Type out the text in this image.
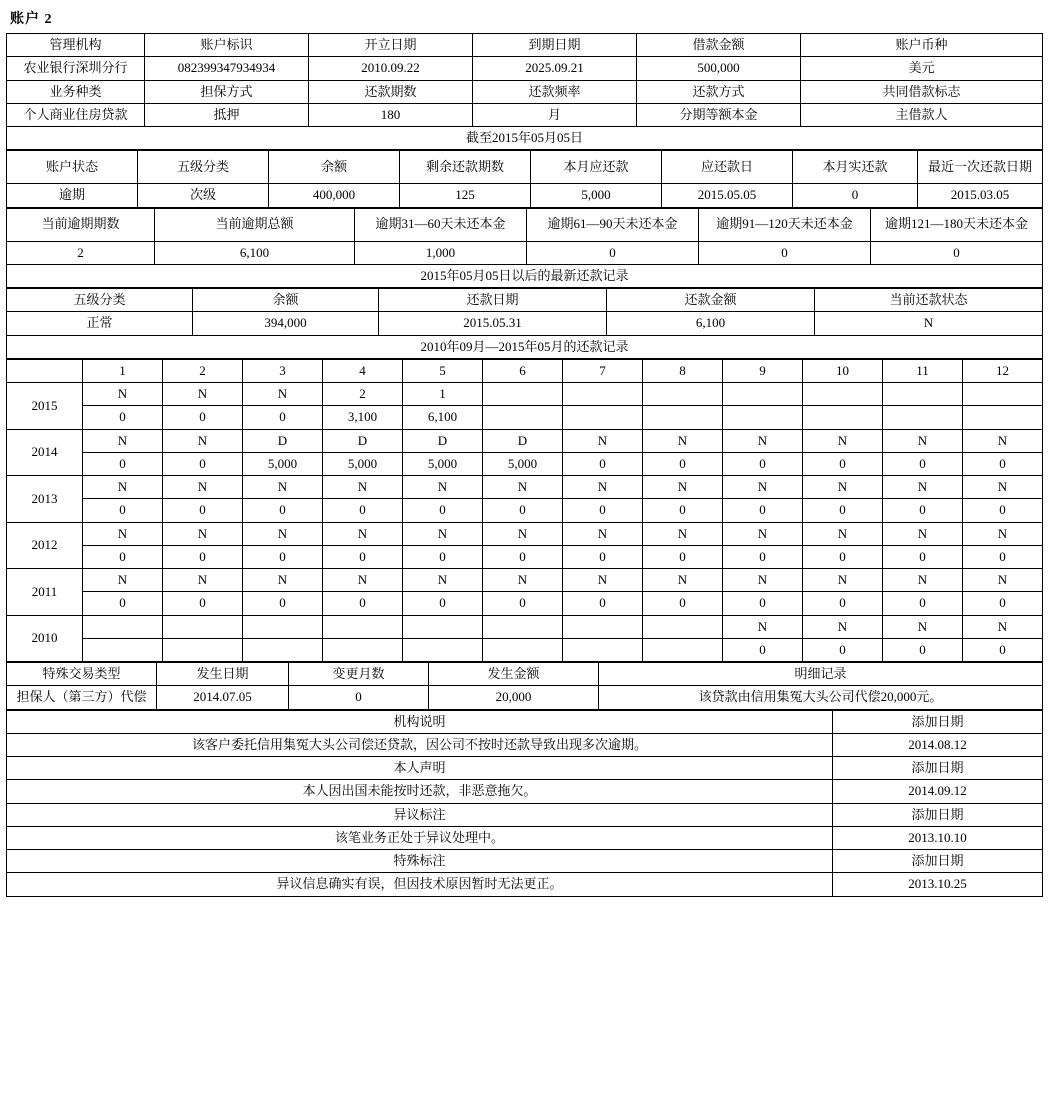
账户 2
管理机构	账户标识	开立日期	到期日期	借款金额	账户币种
农业银行深圳分行	082399347934934	2010.09.22	2025.09.21	500,000	美元
业务种类	担保方式	还款期数	还款频率	还款方式	共同借款标志
个人商业住房贷款	抵押	180	月	分期等额本金	主借款人
截至2015年05月05日					
账户状态	五级分类	余额	剩余还款期数	本月应还款	应还款日	本月实还款	最近一次还款日期
逾期	次级	400,000	125	5,000	2015.05.05	0	2015.03.05
当前逾期期数	当前逾期总额	逾期31—60天未还本金	逾期61—90天未还本金	逾期91—120天未还本金	逾期121—180天未还本金
2	6,100	1,000	0	0	0
2015年05月05日以后的最新还款记录					
五级分类	余额	还款日期	还款金额	当前还款状态
正常	394,000	2015.05.31	6,100	N
2010年09月—2015年05月的还款记录				
	1	2	3	4	5	6	7	8	9	10	11	12
2015	N	N	N	2	1							
	0	0	0	3,100	6,100							
2014	N	N	D	D	D	D	N	N	N	N	N	N
	0	0	5,000	5,000	5,000	5,000	0	0	0	0	0	0
2013	N	N	N	N	N	N	N	N	N	N	N	N
	0	0	0	0	0	0	0	0	0	0	0	0
2012	N	N	N	N	N	N	N	N	N	N	N	N
	0	0	0	0	0	0	0	0	0	0	0	0
2011	N	N	N	N	N	N	N	N	N	N	N	N
	0	0	0	0	0	0	0	0	0	0	0	0
2010									N	N	N	N
									0	0	0	0
特殊交易类型	发生日期	变更月数	发生金额	明细记录
担保人（第三方）代偿	2014.07.05	0	20,000	该贷款由信用集冤大头公司代偿20,000元。
机构说明	添加日期
该客户委托信用集冤大头公司偿还贷款，因公司不按时还款导致出现多次逾期。	2014.08.12
本人声明	添加日期
本人因出国未能按时还款，非恶意拖欠。	2014.09.12
异议标注	添加日期
该笔业务正处于异议处理中。	2013.10.10
特殊标注	添加日期
异议信息确实有误，但因技术原因暂时无法更正。	2013.10.25
